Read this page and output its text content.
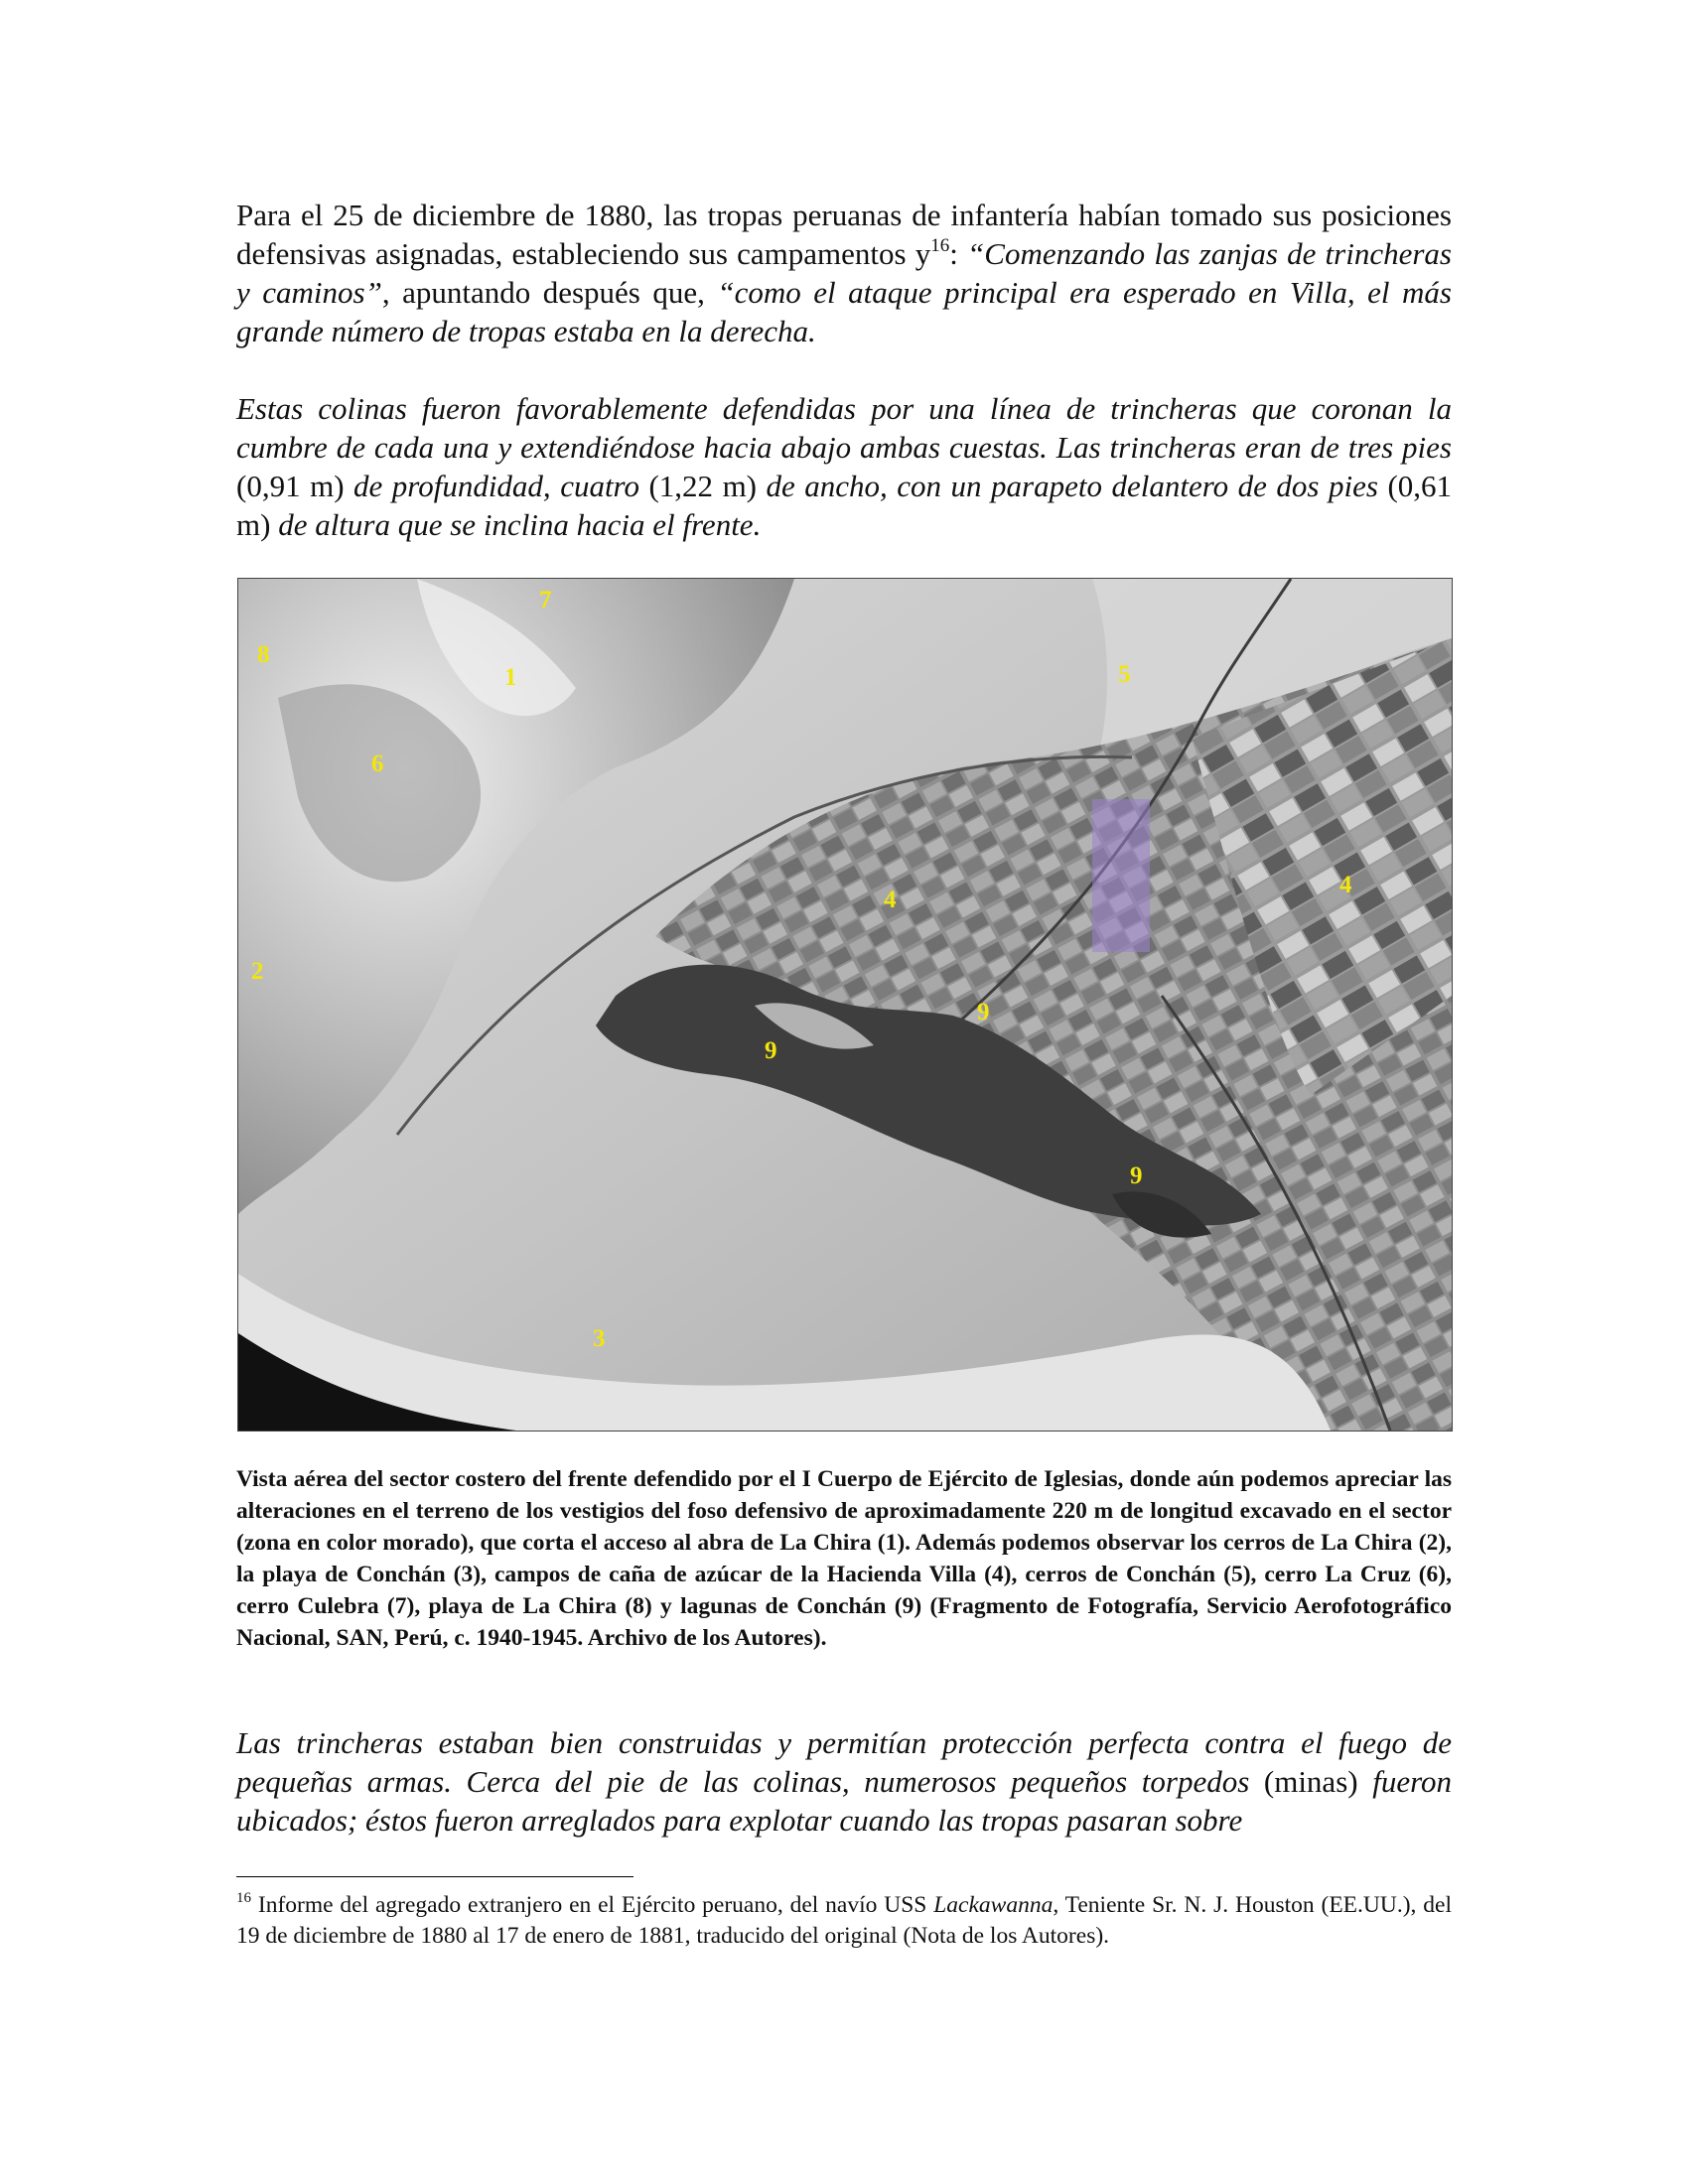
Para el 25 de diciembre de 1880, las tropas peruanas de infantería habían tomado sus posiciones defensivas asignadas, estableciendo sus campamentos $y^{16}$: “Comenzando las zanjas de trincheras y caminos”, apuntando después que, “como el ataque principal era esperado en Villa, el más grande número de tropas estaba en la derecha.

Estas colinas fueron favorablemente defendidas por una línea de trincheras que coronan la cumbre de cada una y extendiéndose hacia abajo ambas cuestas. Las trincheras eran de tres pies (0,91 m) de profundidad, cuatro (1,22 m) de ancho, con un parapeto delantero de dos pies (0,61 m) de altura que se inclina hacia el frente.

7
8
1	5
6
4
4
2
9
9
9
3

Vista aérea del sector costero del frente defendido por el I Cuerpo de Ejército de Iglesias, donde aún podemos apreciar las alteraciones en el terreno de los vestigios del foso defensivo de aproximadamente 220 m de longitud excavado en el sector (zona en color morado), que corta el acceso al abra de La Chira (1). Además podemos observar los cerros de La Chira (2), la playa de Conchán (3), campos de caña de azúcar de la Hacienda Villa (4), cerros de Conchán (5), cerro La Cruz (6), cerro Culebra (7), playa de La Chira (8) y lagunas de Conchán (9) (Fragmento de Fotografía, Servicio Aerofotográfico Nacional, SAN, Perú, c. 1940-1945. Archivo de los Autores).

Las trincheras estaban bien construidas y permitían protección perfecta contra el fuego de pequeñas armas. Cerca del pie de las colinas, numerosos pequeños torpedos (minas) fueron ubicados; éstos fueron arreglados para explotar cuando las tropas pasaran sobre

$^{16}$ Informe del agregado extranjero en el Ejército peruano, del navío USS Lackawanna, Teniente Sr. N. J. Houston (EE.UU.), del 19 de diciembre de 1880 al 17 de enero de 1881, traducido del original (Nota de los Autores).
